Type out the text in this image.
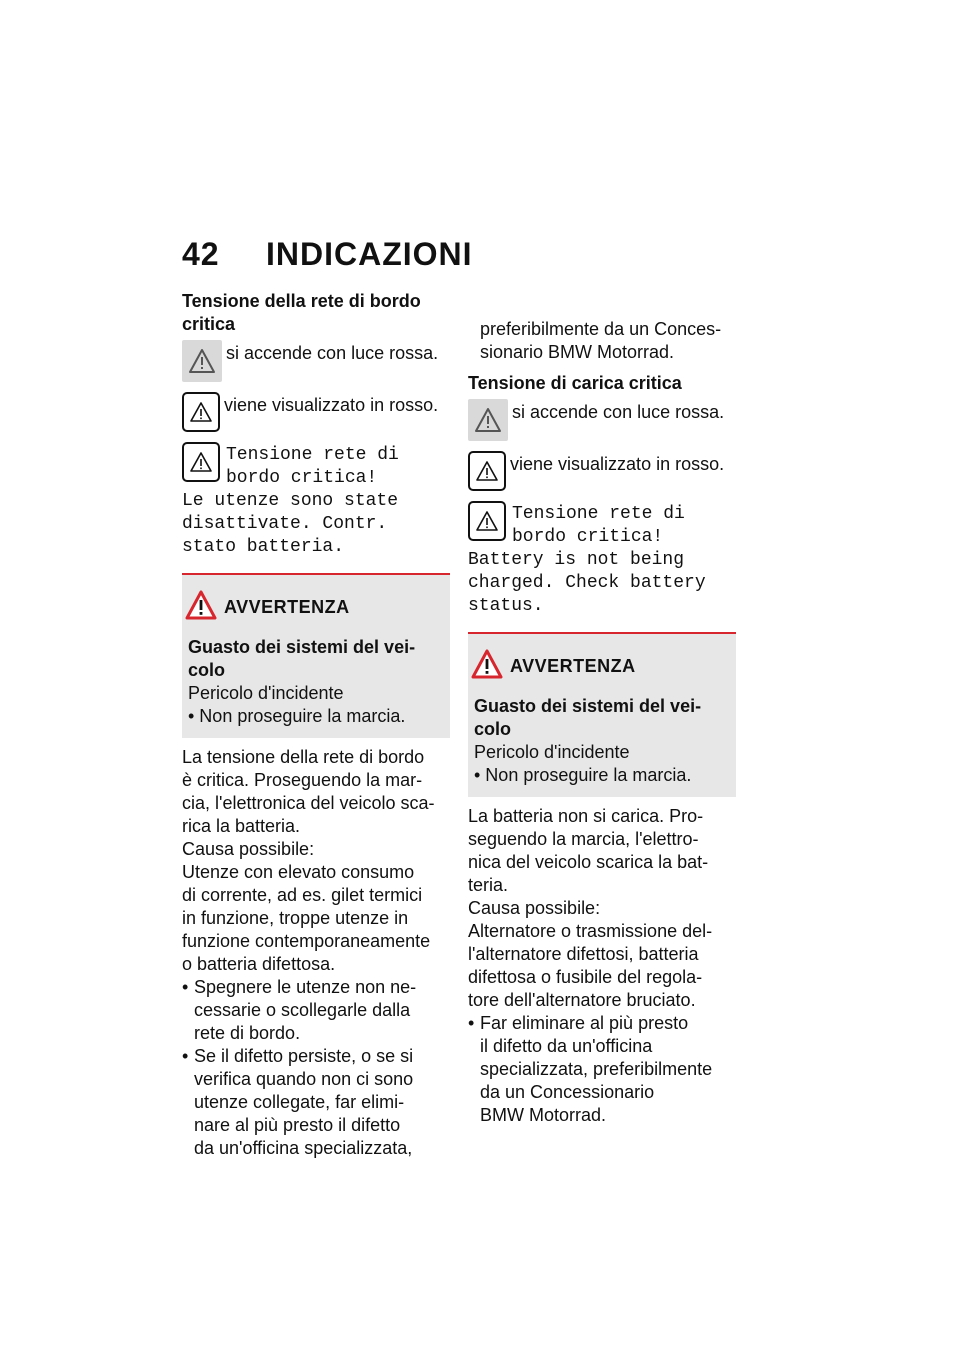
42	INDICAZIONI

Tensione della rete di bordo critica

si accende con luce rossa.
viene visualizzato in rosso.
Tensione rete di
bordo critica!
Le utenze sono state
disattivate. Contr.
stato batteria.
AVVERTENZA
Guasto dei sistemi del vei-
colo
Pericolo d'incidente
• Non proseguire la marcia.

La tensione della rete di bordo

è critica. Proseguendo la mar-

cia, l'elettronica del veicolo sca-

rica la batteria.

Causa possibile:

Utenze con elevato consumo

di corrente, ad es. gilet termici

in funzione, troppe utenze in

funzione contemporaneamente

o batteria difettosa.

• Spegnere le utenze non ne-
cessarie o scollegarle dalla
rete di bordo.
• Se il difetto persiste, o se si
verifica quando non ci sono
utenze collegate, far elimi-
nare al più presto il difetto
da un'officina specializzata,

preferibilmente da un Conces-

sionario BMW Motorrad.

Tensione di carica critica

si accende con luce rossa.
viene visualizzato in rosso.
Tensione rete di
bordo critica!
Battery is not being
charged. Check battery
status.
AVVERTENZA
Guasto dei sistemi del vei-
colo
Pericolo d'incidente
• Non proseguire la marcia.

La batteria non si carica. Pro-

seguendo la marcia, l'elettro-

nica del veicolo scarica la bat-

teria.

Causa possibile:

Alternatore o trasmissione del-

l'alternatore difettosi, batteria

difettosa o fusibile del regola-

tore dell'alternatore bruciato.

• Far eliminare al più presto
il difetto da un'officina
specializzata, preferibilmente
da un Concessionario
BMW Motorrad.
